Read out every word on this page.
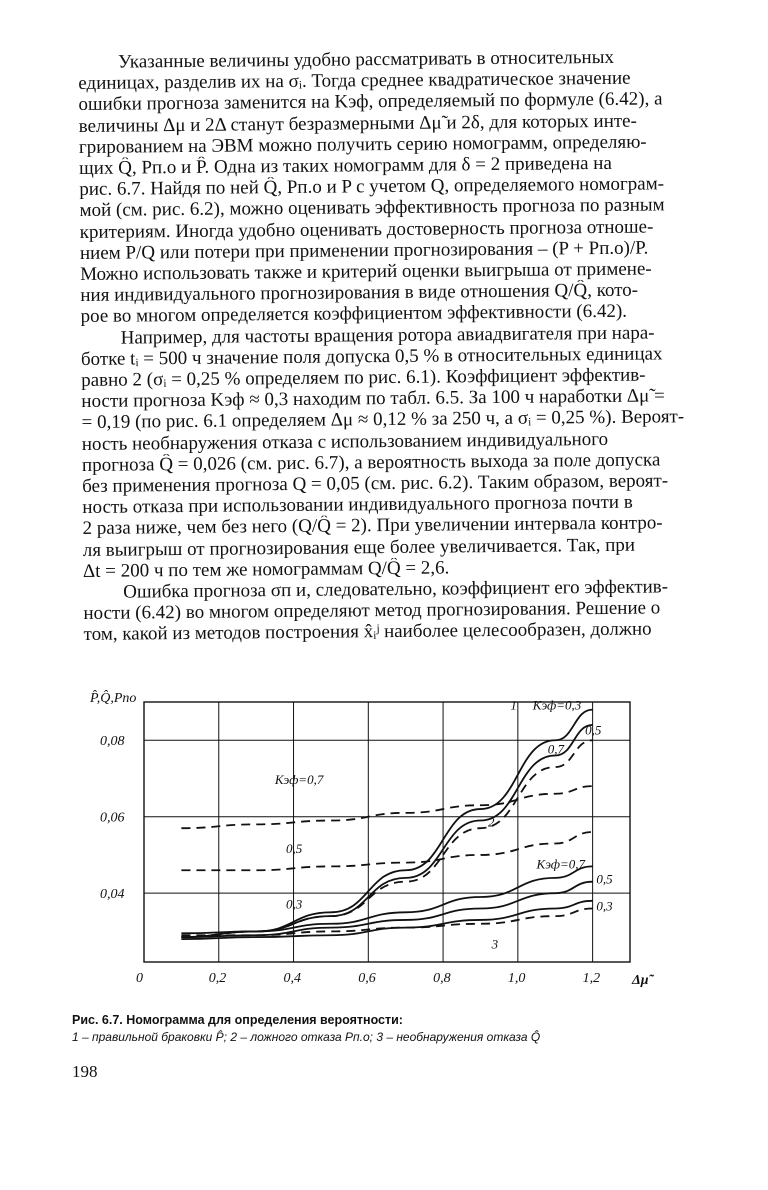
Указанные величины удобно рассматривать в относительных
единицах, разделив их на σᵢ. Тогда среднее квадратическое значение
ошибки прогноза заменится на Kэф, определяемый по формуле (6.42), а
величины Δμ и 2Δ станут безразмерными Δμ̃ и 2δ, для которых инте-
грированием на ЭВМ можно получить серию номограмм, определяю-
щих Q̂, Pп.о и P̂. Одна из таких номограмм для δ = 2 приведена на
рис. 6.7. Найдя по ней Q̂, Pп.о и P с учетом Q, определяемого номограм-
мой (см. рис. 6.2), можно оценивать эффективность прогноза по разным
критериям. Иногда удобно оценивать достоверность прогноза отноше-
нием P/Q или потери при применении прогнозирования – (P + Pп.о)/P.
Можно использовать также и критерий оценки выигрыша от примене-
ния индивидуального прогнозирования в виде отношения Q/Q̂, кото-
рое во многом определяется коэффициентом эффективности (6.42).
Например, для частоты вращения ротора авиадвигателя при нара-
ботке tᵢ = 500 ч значение поля допуска 0,5 % в относительных единицах
равно 2 (σᵢ = 0,25 % определяем по рис. 6.1). Коэффициент эффектив-
ности прогноза Kэф ≈ 0,3 находим по табл. 6.5. За 100 ч наработки Δμ̃ =
= 0,19 (по рис. 6.1 определяем Δμ ≈ 0,12 % за 250 ч, а σᵢ = 0,25 %). Вероят-
ность необнаружения отказа с использованием индивидуального
прогноза Q̂ = 0,026 (см. рис. 6.7), а вероятность выхода за поле допуска
без применения прогноза Q = 0,05 (см. рис. 6.2). Таким образом, вероят-
ность отказа при использовании индивидуального прогноза почти в
2 раза ниже, чем без него (Q/Q̂ = 2). При увеличении интервала контро-
ля выигрыш от прогнозирования еще более увеличивается. Так, при
Δt = 200 ч по тем же номограммам Q/Q̂ = 2,6.
Ошибка прогноза σп и, следовательно, коэффициент его эффектив-
ности (6.42) во многом определяют метод прогнозирования. Решение о
том, какой из методов построения x̂ᵢʲ наиболее целесообразен, должно
0	0,2	0,4	0,6	0,8	1,0	1,2
0,04
0,06
0,08
P̂,Q̂,Pпо
Δμ̃
1
2
3
Kэф=0,3
0,5
0,7
Kэф=0,7
0,5
0,3
Kэф=0,7
0,5
0,3
Рис. 6.7. Номограмма для определения вероятности:
1 – правильной браковки P̂; 2 – ложного отказа Pп.о; 3 – необнаружения отказа Q̂
198
